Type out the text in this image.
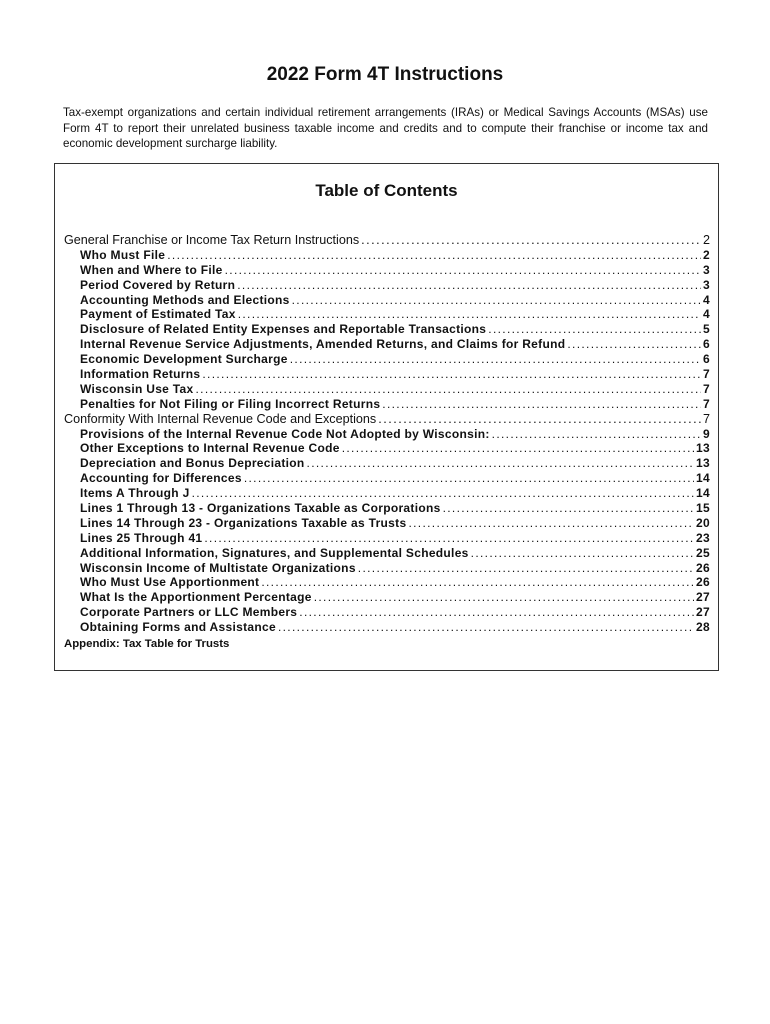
2022 Form 4T Instructions
Tax-exempt organizations and certain individual retirement arrangements (IRAs) or Medical Savings Accounts (MSAs) use Form 4T to report their unrelated business taxable income and credits and to compute their franchise or income tax and economic development surcharge liability.
Table of Contents
General Franchise or Income Tax Return Instructions . . .	2
Who Must File . . .	2
When and Where to File . . .	3
Period Covered by Return . . .	3
Accounting Methods and Elections . . .	4
Payment of Estimated Tax . . .	4
Disclosure of Related Entity Expenses and Reportable Transactions . . .	5
Internal Revenue Service Adjustments, Amended Returns, and Claims for Refund . . .	6
Economic Development Surcharge . . .	6
Information Returns . . .	7
Wisconsin Use Tax . . .	7
Penalties for Not Filing or Filing Incorrect Returns . . .	7
Conformity With Internal Revenue Code and Exceptions . . .	7
Provisions of the Internal Revenue Code Not Adopted by Wisconsin: . . .	9
Other Exceptions to Internal Revenue Code . . .	13
Depreciation and Bonus Depreciation . . .	13
Accounting for Differences . . .	14
Items A Through J . . .	14
Lines 1 Through 13 - Organizations Taxable as Corporations . . .	15
Lines 14 Through 23 - Organizations Taxable as Trusts . . .	20
Lines 25 Through 41 . . .	23
Additional Information, Signatures, and Supplemental Schedules . . .	25
Wisconsin Income of Multistate Organizations . . .	26
Who Must Use Apportionment . . .	26
What Is the Apportionment Percentage . . .	27
Corporate Partners or LLC Members . . .	27
Obtaining Forms and Assistance . . .	28
Appendix: Tax Table for Trusts
